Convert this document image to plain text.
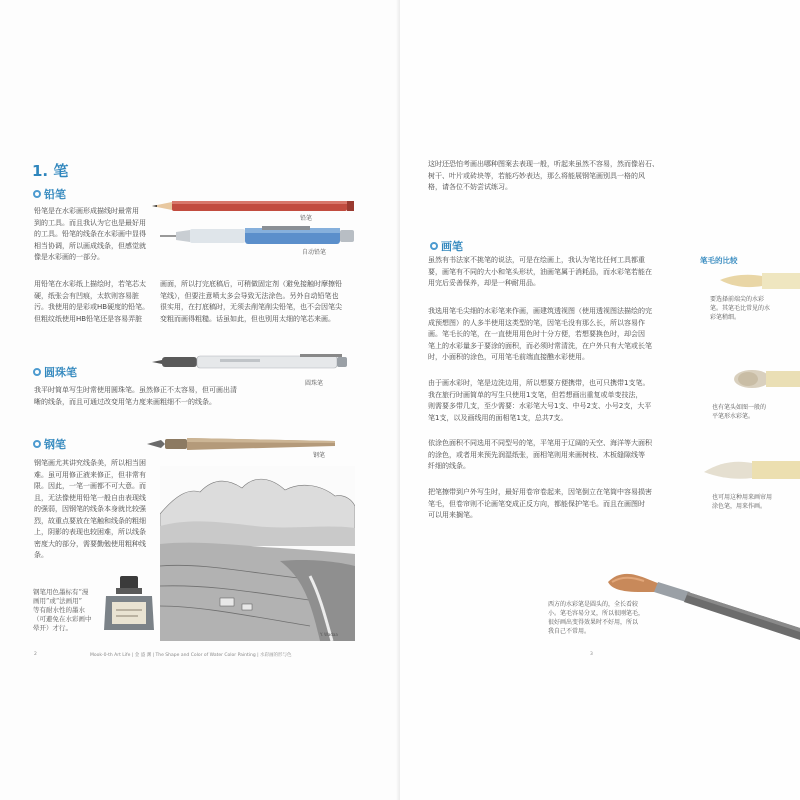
1. 笔
铅笔
铅笔
自动铅笔
铅笔是在水彩画形成描线时最常用
到的工具。而且我认为它也是最好用
的工具。铅笔的线条在水彩画中显得
相当协调，所以画成线条，但感觉就
像是水彩画的一部分。
用铅笔在水彩纸上描绘时，若笔芯太
硬，纸张会有凹痕，太软则容易脏
污。我使用的是彩或HB硬度的铅笔。
但粗纹纸使用HB铅笔还是容易弄脏
画面，所以打完底稿后，可稍做固定剂（避免接触时摩擦铅
笔线），但要注意喷太多会导致无法涂色。另外自动铅笔也
很实用，在打底稿时，无须去削笔削尖铅笔，也不会因笔尖
变粗而画得粗糙。话虽如此，但也别用太细的笔芯来画。
圆珠笔
圆珠笔
我平时简单写生时常使用圆珠笔。虽然修正不太容易，但可画出清
晰的线条，而且可通过改变用笔力度来画粗细不一的线条。
钢笔
钢笔
钢笔画尤其讲究线条美，所以相当困
难。虽可用修正液来修正，但非常有
限。因此，一笔一画都不可大意。而
且，无法像使用铅笔一般自由表现线
的强弱，因钢笔的线条本身就比较强
烈，故重点要放在笔触和线条的粗细
上，阴影的表现也较困难，所以线条
密度大的部分，需要勤勉使用粗种线
条。
Y. Wadaa
钢笔用色墨标有“漫
画用”或“法画用”
等有耐水性的墨水
（可避免在水彩画中
晕开）才行。
Mook-0-th Art Life | 金 盛 渊 | The Shape and Color of Water Color Painting | 水彩画的形与色
2
这时还恐怕考画出哪种图案去表现一般，听起来虽然不容易，然而像岩石、
树干、叶片或砖块等，若能巧妙表达，那么将能展钢笔画别具一格的风
格，请各位不妨尝试练习。
画笔
虽然有书法家不挑笔的说法，可是在绘画上，我认为笔比任何工具都重
要，画笔有不同的大小和笔头形状，油画笔属于消耗品，而水彩笔若能在
用完后妥善保养，却是一种耐用品。
我选用笔毛尖细的水彩笔来作画，画建筑透视图（使用透视图法描绘的完
成预想图）的人多半使用这类型的笔，因笔毛没有那么长，所以容易作
画。笔毛长的笔，在一直使用用色时十分方便，若想要换色时，却会因
笔上的水彩量多于要涂的面积，而必须时常清洗，在户外只有大笔或长笔
时，小面积的涂色，可用笔毛前端直接醮水彩使用。
由于画水彩时，笔是边洗边用，所以想要方便携带，也可只携带1支笔。
我在旅行时画简单的写生只使用1支笔，但若想画出重复或单变技法，
则需要多带几支，至少需要：水彩笔大号1支、中号2支、小号2支，大平
笔1支，以及画线用的面相笔1支，总共7支。
依涂色面积不同选用不同型号的笔，平笔用于辽阔的天空、海洋等大面积
的涂色，或者用来预先润湿纸张，面相笔则用来画树枝、木板缝隙线等
纤细的线条。
把笔擦带到户外写生时，最好用卷帘卷起来，因笔倒立在笔筒中容易损害
笔毛，但卷帘则不论画笔变成正反方向，都能保护笔毛。而且在画图时
可以用来搁笔。
笔毛的比较
要选择前端尖的水彩
笔。其笔毛比常见的水
彩笔稍细。
也有笔头如图一般的
平笔形水彩笔。
也可用这种用来画帘用
涂色笔，用来作画。
西方的水彩笔是圆头的，全长看较
小。笔毛容易分叉，所以很刚笔毛，
很好画出变得效果时不好用，所以
我自己不常用。
3
